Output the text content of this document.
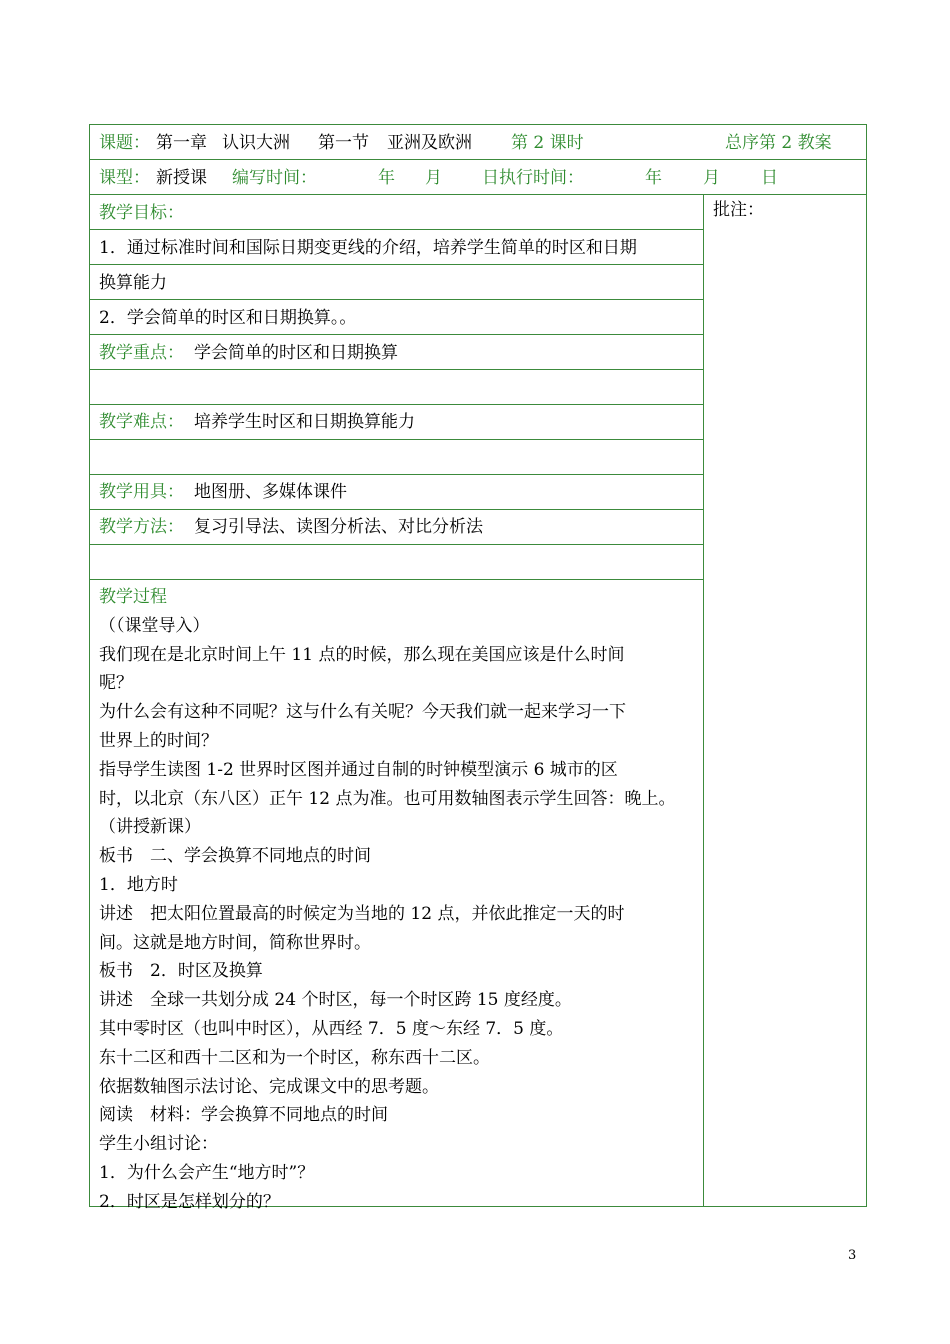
课题： 第一章 认识大洲 第一节 亚洲及欧洲 第 2 课时	总序第 2 教案
课型： 新授课 编写时间：	年 月 日执行时间：	年 月 日
批注：
教学目标：
1．通过标准时间和国际日期变更线的介绍，培养学生简单的时区和日期
换算能力
2．学会简单的时区和日期换算。。
教学重点： 学会简单的时区和日期换算
教学难点： 培养学生时区和日期换算能力
教学用具： 地图册、多媒体课件
教学方法： 复习引导法、读图分析法、对比分析法
教学过程
（（课堂导入）
我们现在是北京时间上午 11 点的时候，那么现在美国应该是什么时间
呢？
为什么会有这种不同呢？这与什么有关呢？今天我们就一起来学习一下
世界上的时间？
指导学生读图 1-2 世界时区图并通过自制的时钟模型演示 6 城市的区
时，以北京（东八区）正午 12 点为准。也可用数轴图表示学生回答：晚上。
（讲授新课）
板书　二、学会换算不同地点的时间
1．地方时
讲述　把太阳位置最高的时候定为当地的 12 点，并依此推定一天的时
间。这就是地方时间，简称世界时。
板书　2．时区及换算
讲述　全球一共划分成 24 个时区，每一个时区跨 15 度经度。
其中零时区（也叫中时区），从西经 7．5 度～东经 7．5 度。
东十二区和西十二区和为一个时区，称东西十二区。
依据数轴图示法讨论、完成课文中的思考题。
阅读　材料：学会换算不同地点的时间
学生小组讨论：
1．为什么会产生“地方时”？
2．时区是怎样划分的？
3
